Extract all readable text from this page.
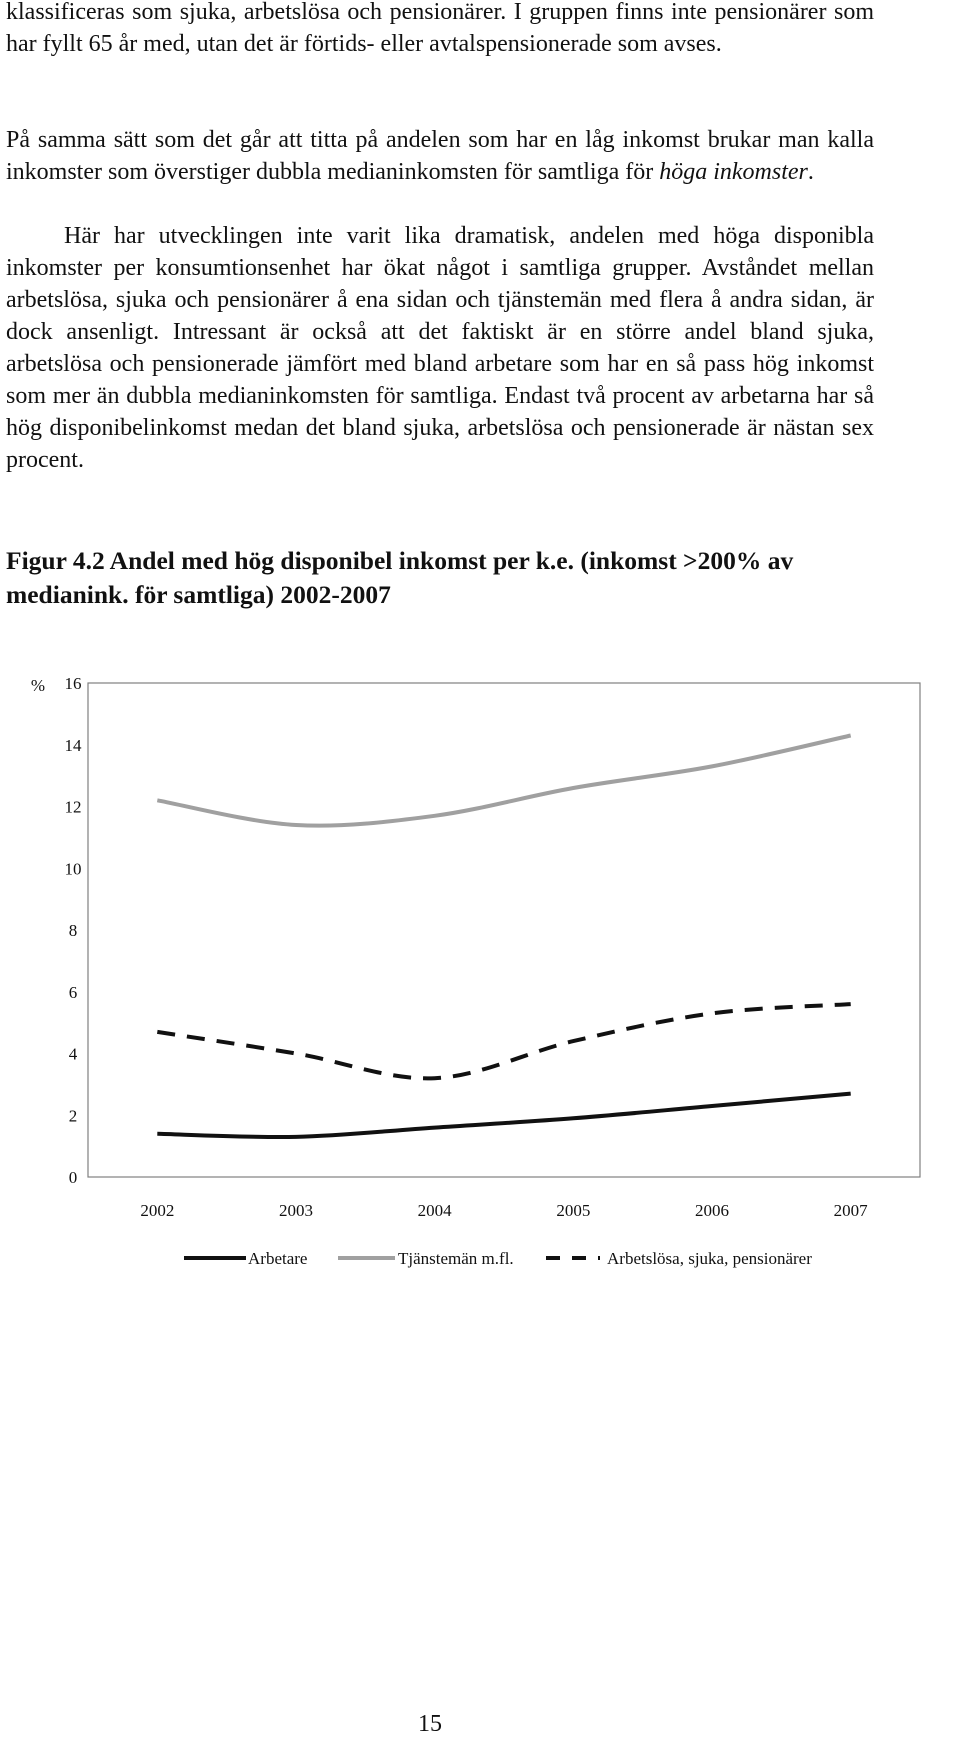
klassificeras som sjuka, arbetslösa och pensionärer. I gruppen finns inte pensionärer som har fyllt 65 år med, utan det är förtids- eller avtalspensionerade som avses.

På samma sätt som det går att titta på andelen som har en låg inkomst brukar man kalla inkomster som överstiger dubbla medianinkomsten för samtliga för höga inkomster.

Här har utvecklingen inte varit lika dramatisk, andelen med höga disponibla inkomster per konsumtionsenhet har ökat något i samtliga grupper. Avståndet mellan arbetslösa, sjuka och pensionärer å ena sidan och tjänstemän med flera å andra sidan, är dock ansenligt. Intressant är också att det faktiskt är en större andel bland sjuka, arbetslösa och pensionerade jämfört med bland arbetare som har en så pass hög inkomst som mer än dubbla medianinkomsten för samtliga. Endast två procent av arbetarna har så hög disponibelinkomst medan det bland sjuka, arbetslösa och pensionerade är nästan sex procent.

Figur 4.2 Andel med hög disponibel inkomst per k.e. (inkomst >200% av medianink. för samtliga) 2002-2007
%
0
2
4
6
8
10
12
14
16
2002	2003	2004	2005	2006	2007
Arbetare	Tjänstemän m.fl.	Arbetslösa, sjuka, pensionärer
15
